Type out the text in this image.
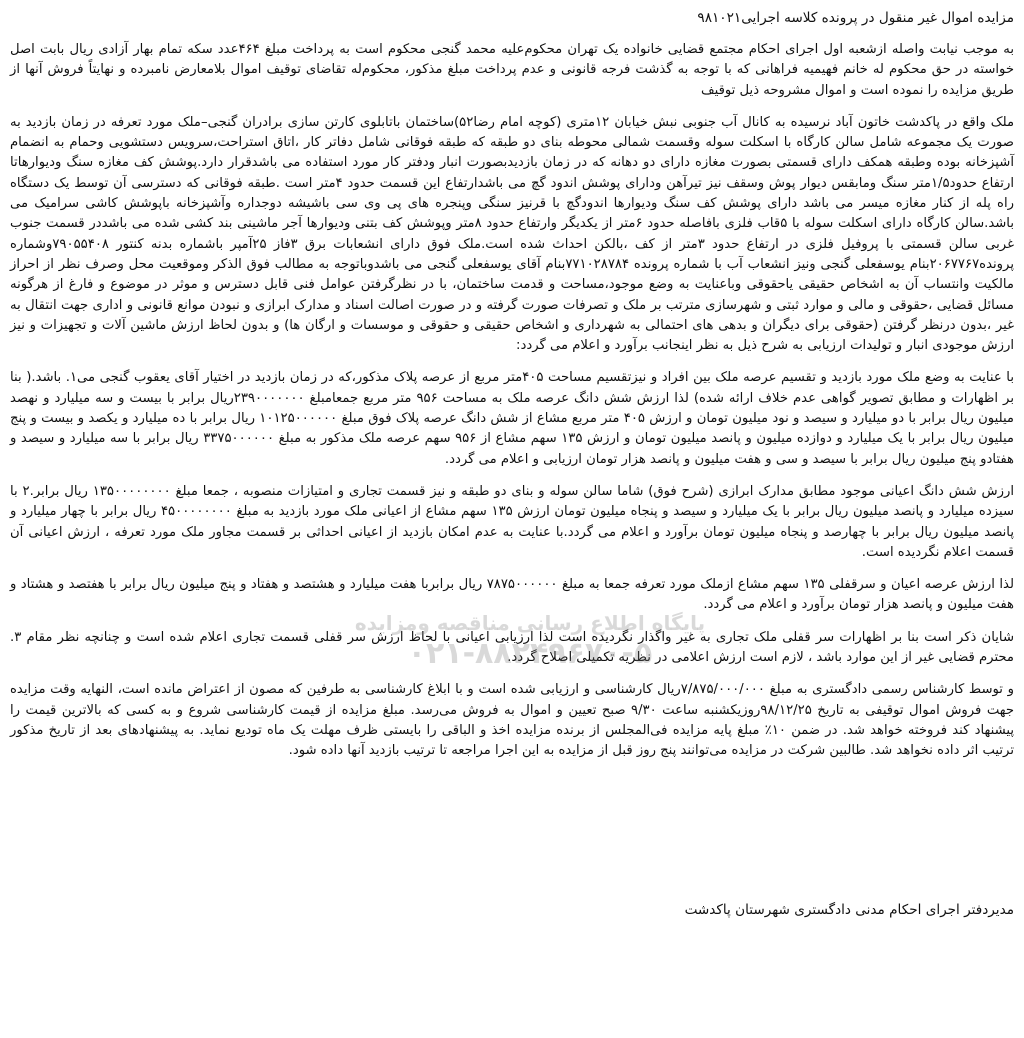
مزایده اموال غیر منقول در پرونده کلاسه اجرایی۹۸۱۰۲۱

به موجب نیابت واصله ازشعبه اول اجرای احکام مجتمع قضایی خانواده یک تهران محکوم‌علیه محمد گنجی محکوم است به پرداخت مبلغ ۴۶۴عدد سکه تمام بهار آزادی ریال بابت اصل خواسته در حق محکوم له خانم فهیمیه فراهانی که با توجه به گذشت فرجه قانونی و عدم پرداخت مبلغ مذکور، محکوم‌له تقاضای توقیف اموال بلامعارض نامبرده و نهایتاً فروش آنها از طریق مزایده را نموده است و اموال مشروحه ذیل توقیف

ملک واقع در پاکدشت خاتون آباد نرسیده به کانال آب جنوبی نبش خیابان ۱۲متری (کوچه امام رضا۵۲)ساختمان باتابلوی کارتن سازی برادران گنجی–ملک مورد تعرفه در زمان بازدید به صورت یک مجموعه شامل سالن کارگاه با اسکلت سوله وقسمت شمالی محوطه بنای دو طبقه که طبقه فوقانی شامل دفاتر کار ،اتاق استراحت،سرویس دستشویی وحمام به انضمام آشپزخانه بوده وطبقه همکف دارای قسمتی بصورت مغازه دارای دو دهانه که در زمان بازدیدبصورت انبار ودفتر کار مورد استفاده می باشدقرار دارد.پوشش کف مغازه سنگ ودیوارهاتا ارتفاع حدود۱/۵متر سنگ ومابقس دیوار پوش وسقف نیز تیرآهن ودارای پوشش اندود گچ می باشدارتفاع این قسمت حدود ۴متر است .طبقه فوقانی که دسترسی آن توسط یک دستگاه راه پله از کنار مغازه میسر می باشد دارای پوشش کف سنگ ودیوارها اندودگچ با قرنیز سنگی وپنجره های پی وی سی باشیشه دوجداره وآشپزخانه باپوشش کاشی سرامیک می باشد.سالن کارگاه دارای اسکلت سوله با ۵قاب فلزی بافاصله حدود ۶متر از یکدیگر وارتفاع حدود ۸متر وپوشش کف بتنی ودیوارها آجر ماشینی بند کشی شده می باشددر قسمت جنوب غربی سالن قسمتی با پروفیل فلزی در ارتفاع حدود ۳متر از کف ،بالکن احداث شده است.ملک فوق دارای انشعابات برق ۳فاز ۲۵آمپر باشماره بدنه کنتور ۷۹۰۵۵۴۰۸وشماره پرونده۲۰۶۷۷۶۷بنام یوسفعلی گنجی ونیز انشعاب آب با شماره پرونده ۷۷۱۰۲۸۷۸۴بنام آقای یوسفعلی گنجی می باشدوباتوجه به مطالب فوق الذکر وموقعیت محل وصرف نظر از احراز مالکیت وانتساب آن به اشخاص حقیقی یاحقوقی وباعنایت به وضع موجود،مساحت و قدمت ساختمان، با در نظرگرفتن عوامل فنی قابل دسترس و موثر در موضوع و فارغ از هرگونه مسائل قضایی ،حقوقی و مالی و موارد ثبتی و شهرسازی مترتب بر ملک و تصرفات صورت گرفته و در صورت اصالت اسناد و مدارک ابرازی و نبودن موانع قانونی و اداری جهت انتقال به غیر ،بدون درنظر گرفتن (حقوقی برای دیگران و بدهی های احتمالی به شهرداری و اشخاص حقیقی و حقوقی و موسسات و ارگان ها) و بدون لحاظ ارزش ماشین آلات و تجهیزات و نیز ارزش موجودی انبار و تولیدات ارزیابی به شرح ذیل به نظر اینجانب برآورد و اعلام می گردد:

با عنایت به وضع ملک مورد بازدید و تقسیم عرصه ملک بین افراد و نیزتقسیم مساحت ۴۰۵متر مربع از عرصه پلاک مذکور،که در زمان بازدید در اختیار آقای یعقوب گنجی می۱. باشد.( بنا بر اظهارات و مطابق تصویر گواهی عدم خلاف ارائه شده) لذا ارزش شش دانگ عرصه ملک به مساحت ۹۵۶ متر مربع جمعامبلغ ۲۳۹۰۰۰۰۰۰۰ریال برابر با بیست و سه میلیارد و نهصد میلیون ریال برابر با دو میلیارد و سیصد و نود میلیون تومان و ارزش ۴۰۵ متر مربع مشاع از شش دانگ عرصه پلاک فوق مبلغ ۱۰۱۲۵۰۰۰۰۰۰ ریال برابر با ده میلیارد و یکصد و بیست و پنج میلیون ریال برابر با یک میلیارد و دوازده میلیون و پانصد میلیون تومان و ارزش ۱۳۵ سهم مشاع از ۹۵۶ سهم عرصه ملک مذکور به مبلغ ۳۳۷۵۰۰۰۰۰۰ ریال برابر با سه میلیارد و سیصد و هفتادو پنج میلیون ریال برابر با سیصد و سی و هفت میلیون و پانصد هزار تومان ارزیابی و اعلام می گردد.

ارزش شش دانگ اعیانی موجود مطابق مدارک ابرازی (شرح فوق) شاما سالن سوله و بنای دو طبقه و نیز قسمت تجاری و امتیازات منصوبه ، جمعا مبلغ ۱۳۵۰۰۰۰۰۰۰۰ ریال برابر.۲ با سیزده میلیارد و پانصد میلیون ریال برابر با یک میلیارد و سیصد و پنجاه میلیون تومان ارزش ۱۳۵ سهم مشاع از اعیانی ملک مورد بازدید به مبلغ ۴۵۰۰۰۰۰۰۰۰ ریال برابر با چهار میلیارد و پانصد میلیون ریال برابر با چهارصد و پنجاه میلیون تومان برآورد و اعلام می گردد.با عنایت به عدم امکان بازدید از اعیانی احداثی بر قسمت مجاور ملک مورد تعرفه ، ارزش اعیانی آن قسمت اعلام نگردیده است.

لذا ارزش عرصه اعیان و سرقفلی ۱۳۵ سهم مشاع ازملک مورد تعرفه جمعا به مبلغ ۷۸۷۵۰۰۰۰۰۰ ریال برابربا هفت میلیارد و هشتصد و هفتاد و پنج میلیون ریال برابر با هفتصد و هشتاد و هفت میلیون و پانصد هزار تومان برآورد و اعلام می گردد.

شایان ذکر است بنا بر اظهارات سر قفلی ملک تجاری به غیر واگذار نگردیده است لذا ارزیابی اعیانی با لحاظ ارزش سر قفلی قسمت تجاری اعلام شده است و چنانچه نظر مقام ۳. محترم قضایی غیر از این موارد باشد ، لازم است ارزش اعلامی در نظریه تکمیلی اصلاح گردد.

و توسط کارشناس رسمی دادگستری به مبلغ ۷/۸۷۵/۰۰۰/۰۰۰ریال کارشناسی و ارزیابی شده است و با ابلاغ کارشناسی به طرفین که مصون از اعتراض مانده است، النهایه وقت مزایده جهت فروش اموال توقیفی به تاریخ ۹۸/۱۲/۲۵روزیکشنبه ساعت ۹/۳۰ صبح تعیین و اموال به فروش می‌رسد. مبلغ مزایده از قیمت کارشناسی شروع و به کسی که بالاترین قیمت را پیشنهاد کند فروخته خواهد شد. در ضمن ۱۰٪ مبلغ پایه مزایده فی‌المجلس از برنده مزایده اخذ و الباقی را بایستی ظرف مهلت یک ماه تودیع نماید. به پیشنهادهای بعد از تاریخ مذکور ترتیب اثر داده نخواهد شد. طالبین شرکت در مزایده می‌توانند پنج روز قبل از مزایده به این اجرا مراجعه تا ترتیب بازدید آنها داده شود.

پایگاه اطلاع رسانی مناقصه ومزایده
۰۲۱-۸۸۲۴۹۶۷۰-۵
مدیردفتر اجرای احکام مدنی دادگستری شهرستان پاکدشت
